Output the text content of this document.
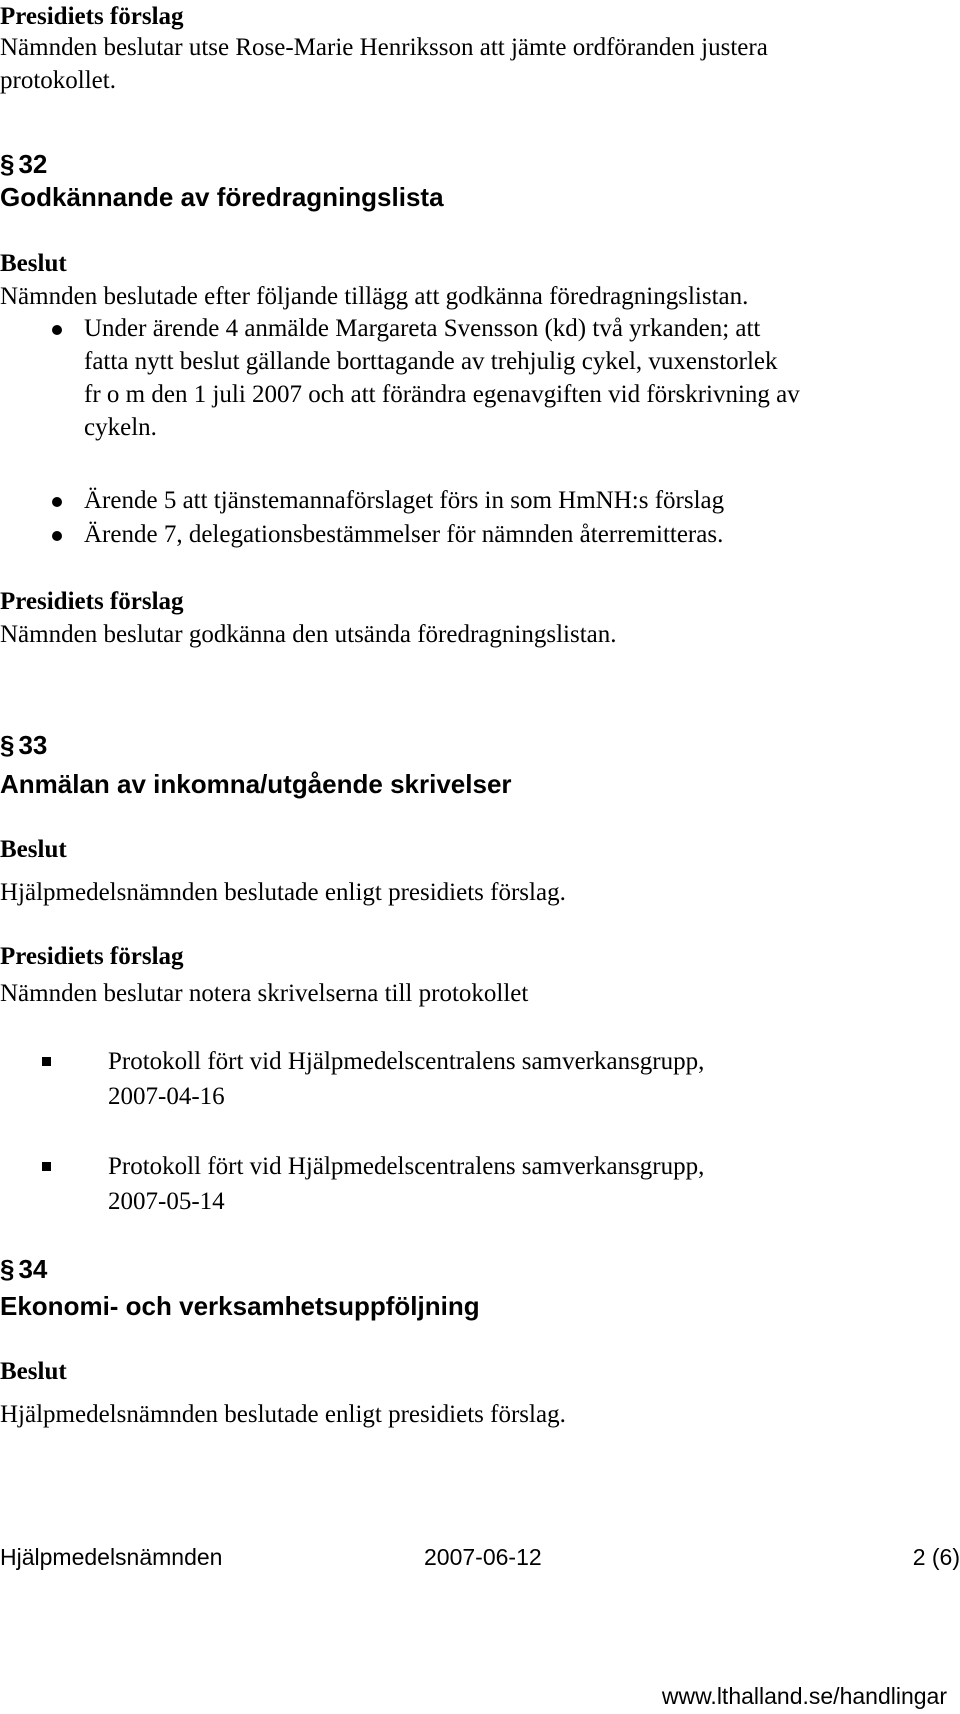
Presidiets förslag
Nämnden beslutar utse Rose-Marie Henriksson att jämte ordföranden justera
protokollet.
§ 32
Godkännande av föredragningslista
Beslut
Nämnden beslutade efter följande tillägg att godkänna föredragningslistan.
Under ärende 4 anmälde Margareta Svensson (kd) två yrkanden; att
fatta nytt beslut gällande borttagande av trehjulig cykel, vuxenstorlek
fr o m den 1 juli 2007 och att förändra egenavgiften vid förskrivning av
cykeln.
Ärende 5 att tjänstemannaförslaget förs in som HmNH:s förslag
Ärende 7, delegationsbestämmelser för nämnden återremitteras.
Presidiets förslag
Nämnden beslutar godkänna den utsända föredragningslistan.
§ 33
Anmälan av inkomna/utgående skrivelser
Beslut
Hjälpmedelsnämnden beslutade enligt presidiets förslag.
Presidiets förslag
Nämnden beslutar notera skrivelserna till protokollet
Protokoll fört vid Hjälpmedelscentralens samverkansgrupp,
2007-04-16
Protokoll fört vid Hjälpmedelscentralens samverkansgrupp,
2007-05-14
§ 34
Ekonomi- och verksamhetsuppföljning
Beslut
Hjälpmedelsnämnden beslutade enligt presidiets förslag.
Hjälpmedelsnämnden	2007-06-12	2 (6)
www.lthalland.se/handlingar
